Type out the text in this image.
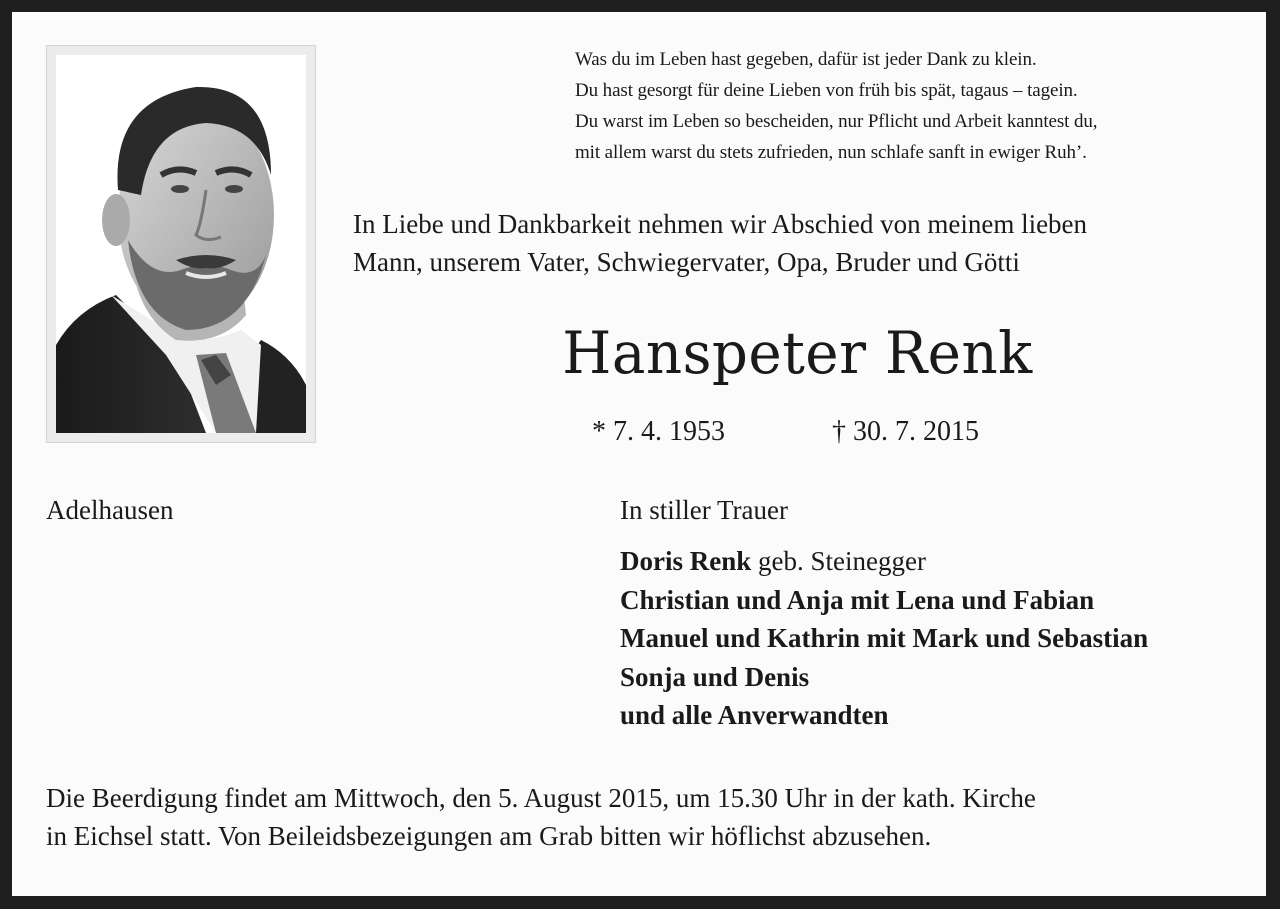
Was du im Leben hast gegeben, dafür ist jeder Dank zu klein.
Du hast gesorgt für deine Lieben von früh bis spät, tagaus – tagein.
Du warst im Leben so bescheiden, nur Pflicht und Arbeit kanntest du,
mit allem warst du stets zufrieden, nun schlafe sanft in ewiger Ruh’.
In Liebe und Dankbarkeit nehmen wir Abschied von meinem lieben
Mann, unserem Vater, Schwiegervater, Opa, Bruder und Götti
Hanspeter Renk
* 7. 4. 1953	† 30. 7. 2015
Adelhausen	In stiller Trauer
Doris Renk geb. Steinegger
Christian und Anja mit Lena und Fabian
Manuel und Kathrin mit Mark und Sebastian
Sonja und Denis
und alle Anverwandten
Die Beerdigung findet am Mittwoch, den 5. August 2015, um 15.30 Uhr in der kath. Kirche
in Eichsel statt. Von Beileidsbezeigungen am Grab bitten wir höflichst abzusehen.
